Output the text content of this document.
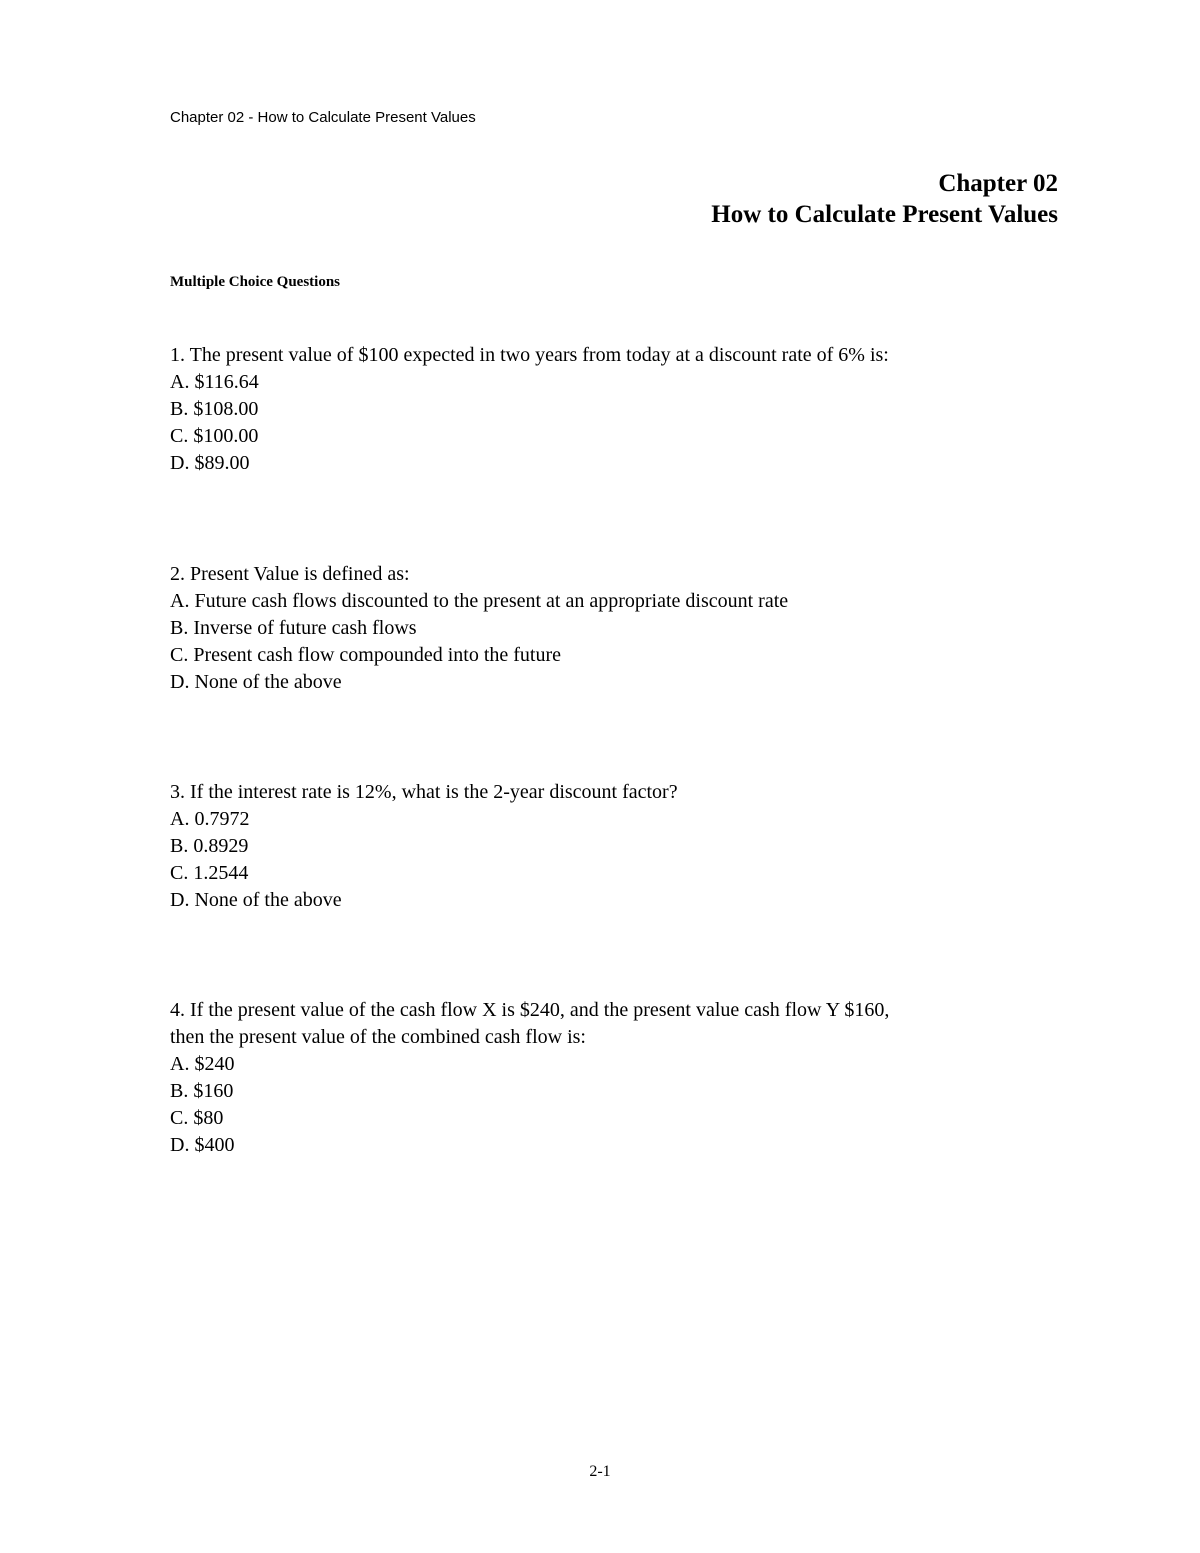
Chapter 02 - How to Calculate Present Values
Chapter 02
How to Calculate Present Values
Multiple Choice Questions
1. The present value of $100 expected in two years from today at a discount rate of 6% is:
A. $116.64
B. $108.00
C. $100.00
D. $89.00
2. Present Value is defined as:
A. Future cash flows discounted to the present at an appropriate discount rate
B. Inverse of future cash flows
C. Present cash flow compounded into the future
D. None of the above
3. If the interest rate is 12%, what is the 2-year discount factor?
A. 0.7972
B. 0.8929
C. 1.2544
D. None of the above
4. If the present value of the cash flow X is $240, and the present value cash flow Y $160,
then the present value of the combined cash flow is:
A. $240
B. $160
C. $80
D. $400
2-1
